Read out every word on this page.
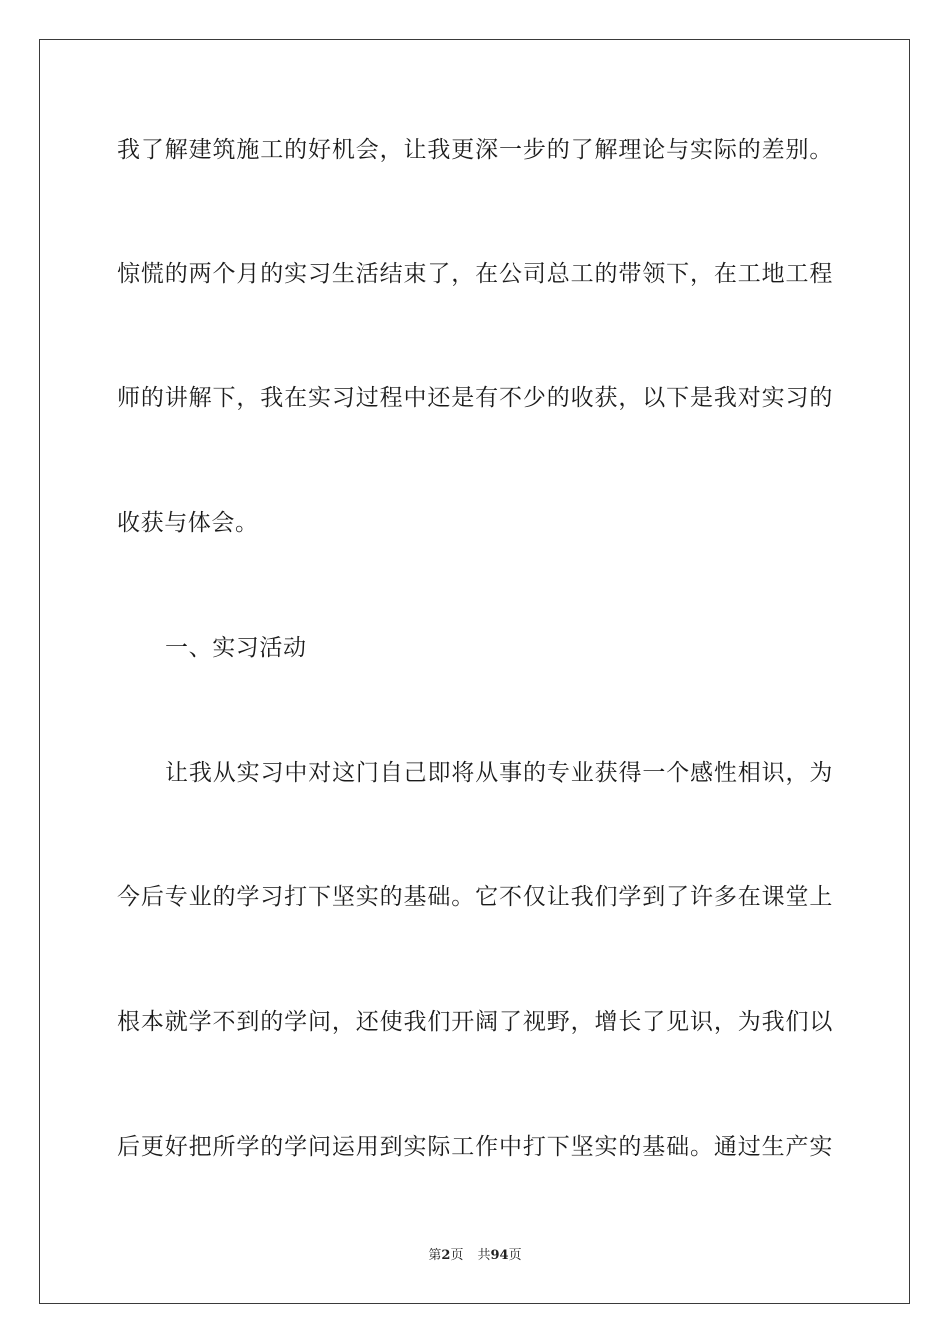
我了解建筑施工的好机会，让我更深一步的了解理论与实际的差别。
惊慌的两个月的实习生活结束了，在公司总工的带领下，在工地工程
师的讲解下，我在实习过程中还是有不少的收获，以下是我对实习的
收获与体会。
一、实习活动
让我从实习中对这门自己即将从事的专业获得一个感性相识，为
今后专业的学习打下坚实的基础。它不仅让我们学到了许多在课堂上
根本就学不到的学问，还使我们开阔了视野，增长了见识，为我们以
后更好把所学的学问运用到实际工作中打下坚实的基础。通过生产实
第2页 共94页
